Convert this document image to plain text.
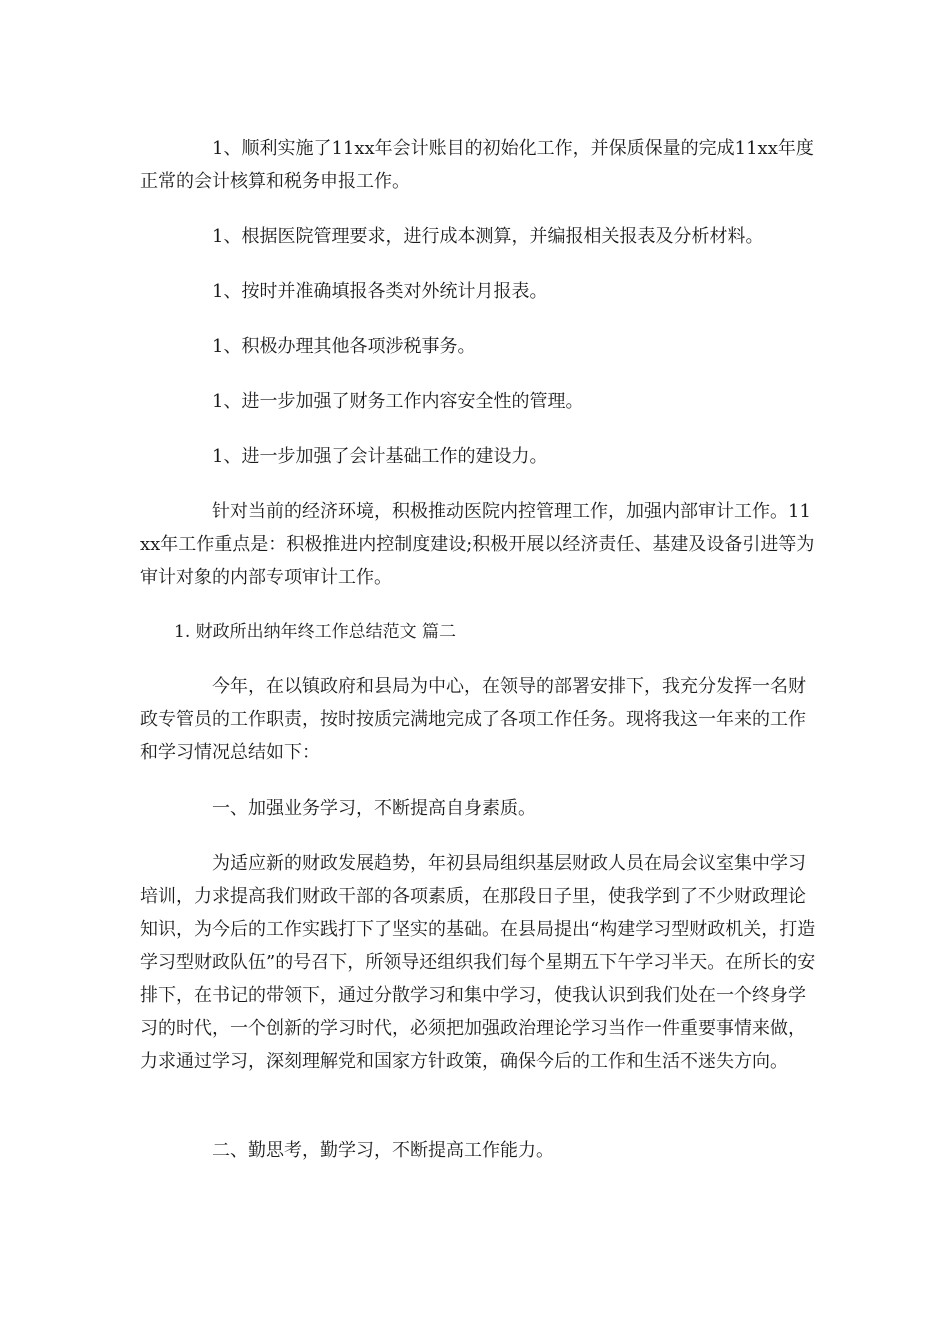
1、顺利实施了11xx年会计账目的初始化工作，并保质保量的完成11xx年度正常的会计核算和税务申报工作。

1、根据医院管理要求，进行成本测算，并编报相关报表及分析材料。

1、按时并准确填报各类对外统计月报表。

1、积极办理其他各项涉税事务。

1、进一步加强了财务工作内容安全性的管理。

1、进一步加强了会计基础工作的建设力。

针对当前的经济环境，积极推动医院内控管理工作，加强内部审计工作。11xx年工作重点是：积极推进内控制度建设;积极开展以经济责任、基建及设备引进等为审计对象的内部专项审计工作。

1. 财政所出纳年终工作总结范文 篇二

今年，在以镇政府和县局为中心，在领导的部署安排下，我充分发挥一名财政专管员的工作职责，按时按质完满地完成了各项工作任务。现将我这一年来的工作和学习情况总结如下：

一、加强业务学习，不断提高自身素质。

为适应新的财政发展趋势，年初县局组织基层财政人员在局会议室集中学习培训，力求提高我们财政干部的各项素质，在那段日子里，使我学到了不少财政理论知识，为今后的工作实践打下了坚实的基础。在县局提出“构建学习型财政机关，打造学习型财政队伍”的号召下，所领导还组织我们每个星期五下午学习半天。在所长的安排下，在书记的带领下，通过分散学习和集中学习，使我认识到我们处在一个终身学习的时代，一个创新的学习时代，必须把加强政治理论学习当作一件重要事情来做，力求通过学习，深刻理解党和国家方针政策，确保今后的工作和生活不迷失方向。

二、勤思考，勤学习，不断提高工作能力。
